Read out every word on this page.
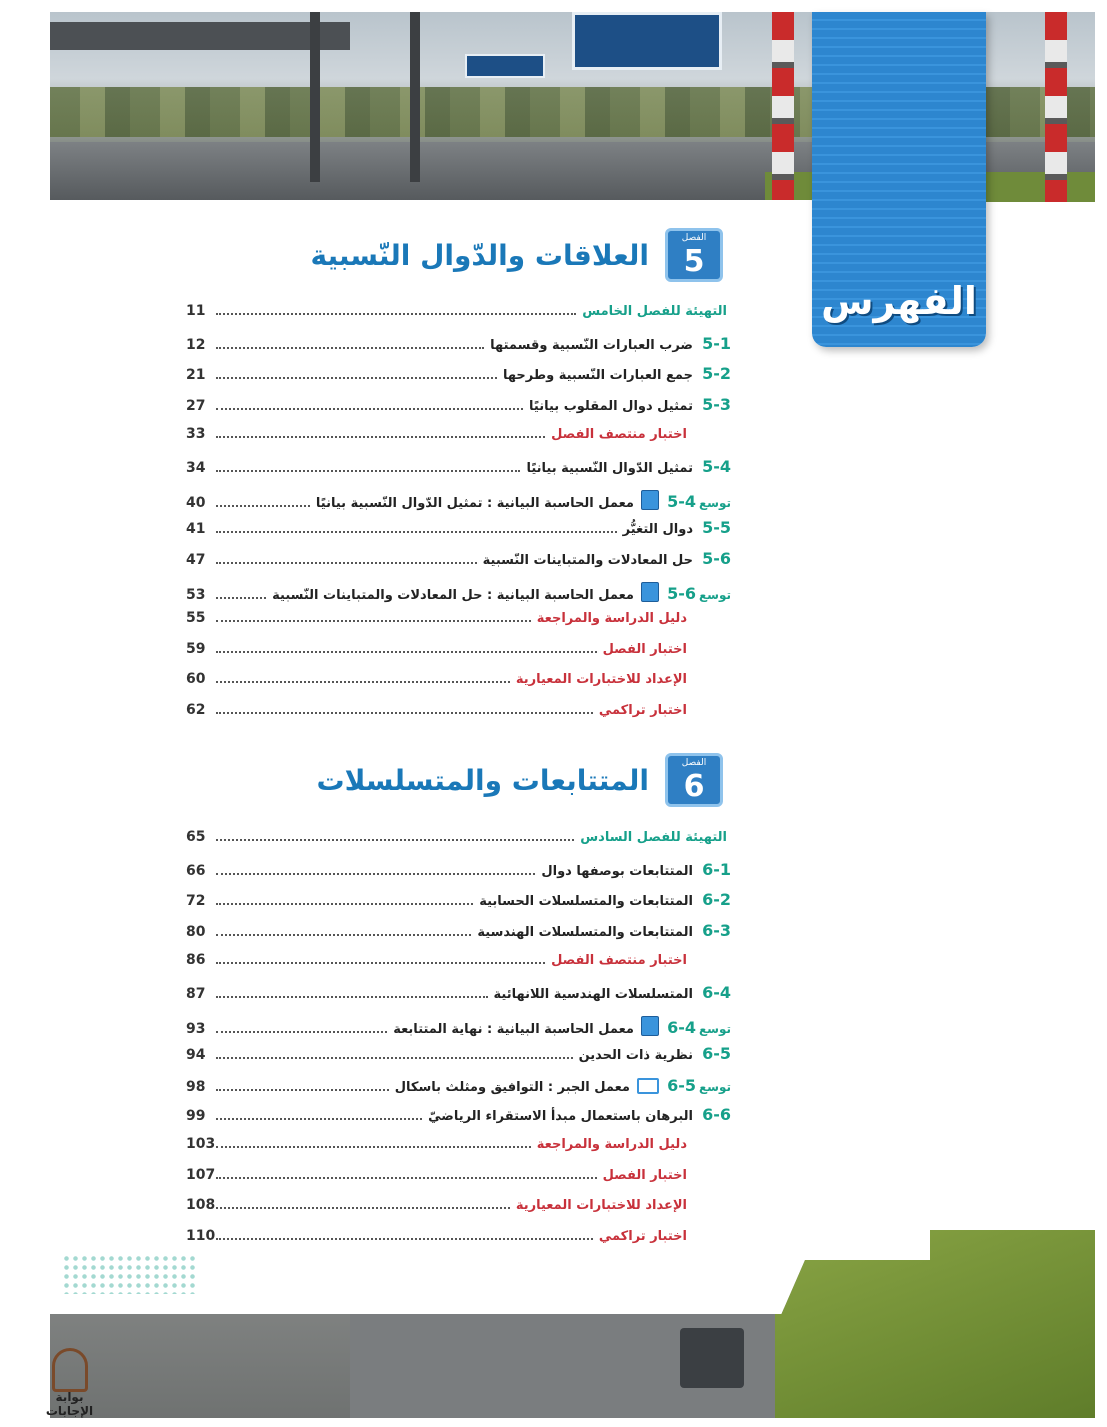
الفهرس
الفصل
5
العلاقات والدّوال النّسبية
الفصل
6
المتتابعات والمتسلسلات
التهيئة للفصل الخامس
11
5-1
ضرب العبارات النّسبية وقسمتها
12
5-2
جمع العبارات النّسبية وطرحها
21
5-3
تمثيل دوال المقلوب بيانيًا
27
اختبار منتصف الفصل
33
5-4
تمثيل الدّوال النّسبية بيانيًا
34
توسع
5-4
معمل الحاسبة البيانية : تمثيل الدّوال النّسبية بيانيًا
40
5-5
دوال التغيُّر
41
5-6
حل المعادلات والمتباينات النّسبية
47
توسع
5-6
معمل الحاسبة البيانية : حل المعادلات والمتباينات النّسبية
53
دليل الدراسة والمراجعة
55
اختبار الفصل
59
الإعداد للاختبارات المعيارية
60
اختبار تراكمي
62
التهيئة للفصل السادس
65
6-1
المتتابعات بوصفها دوال
66
6-2
المتتابعات والمتسلسلات الحسابية
72
6-3
المتتابعات والمتسلسلات الهندسية
80
اختبار منتصف الفصل
86
6-4
المتسلسلات الهندسية اللانهائية
87
توسع
6-4
معمل الحاسبة البيانية : نهاية المتتابعة
93
6-5
نظرية ذات الحدين
94
توسع
6-5
معمل الجبر : التوافيق ومثلث باسكال
98
6-6
البرهان باستعمال مبدأ الاستقراء الرياضيّ
99
دليل الدراسة والمراجعة
103
اختبار الفصل
107
الإعداد للاختبارات المعيارية
108
اختبار تراكمي
110
بوابة الإجابات
